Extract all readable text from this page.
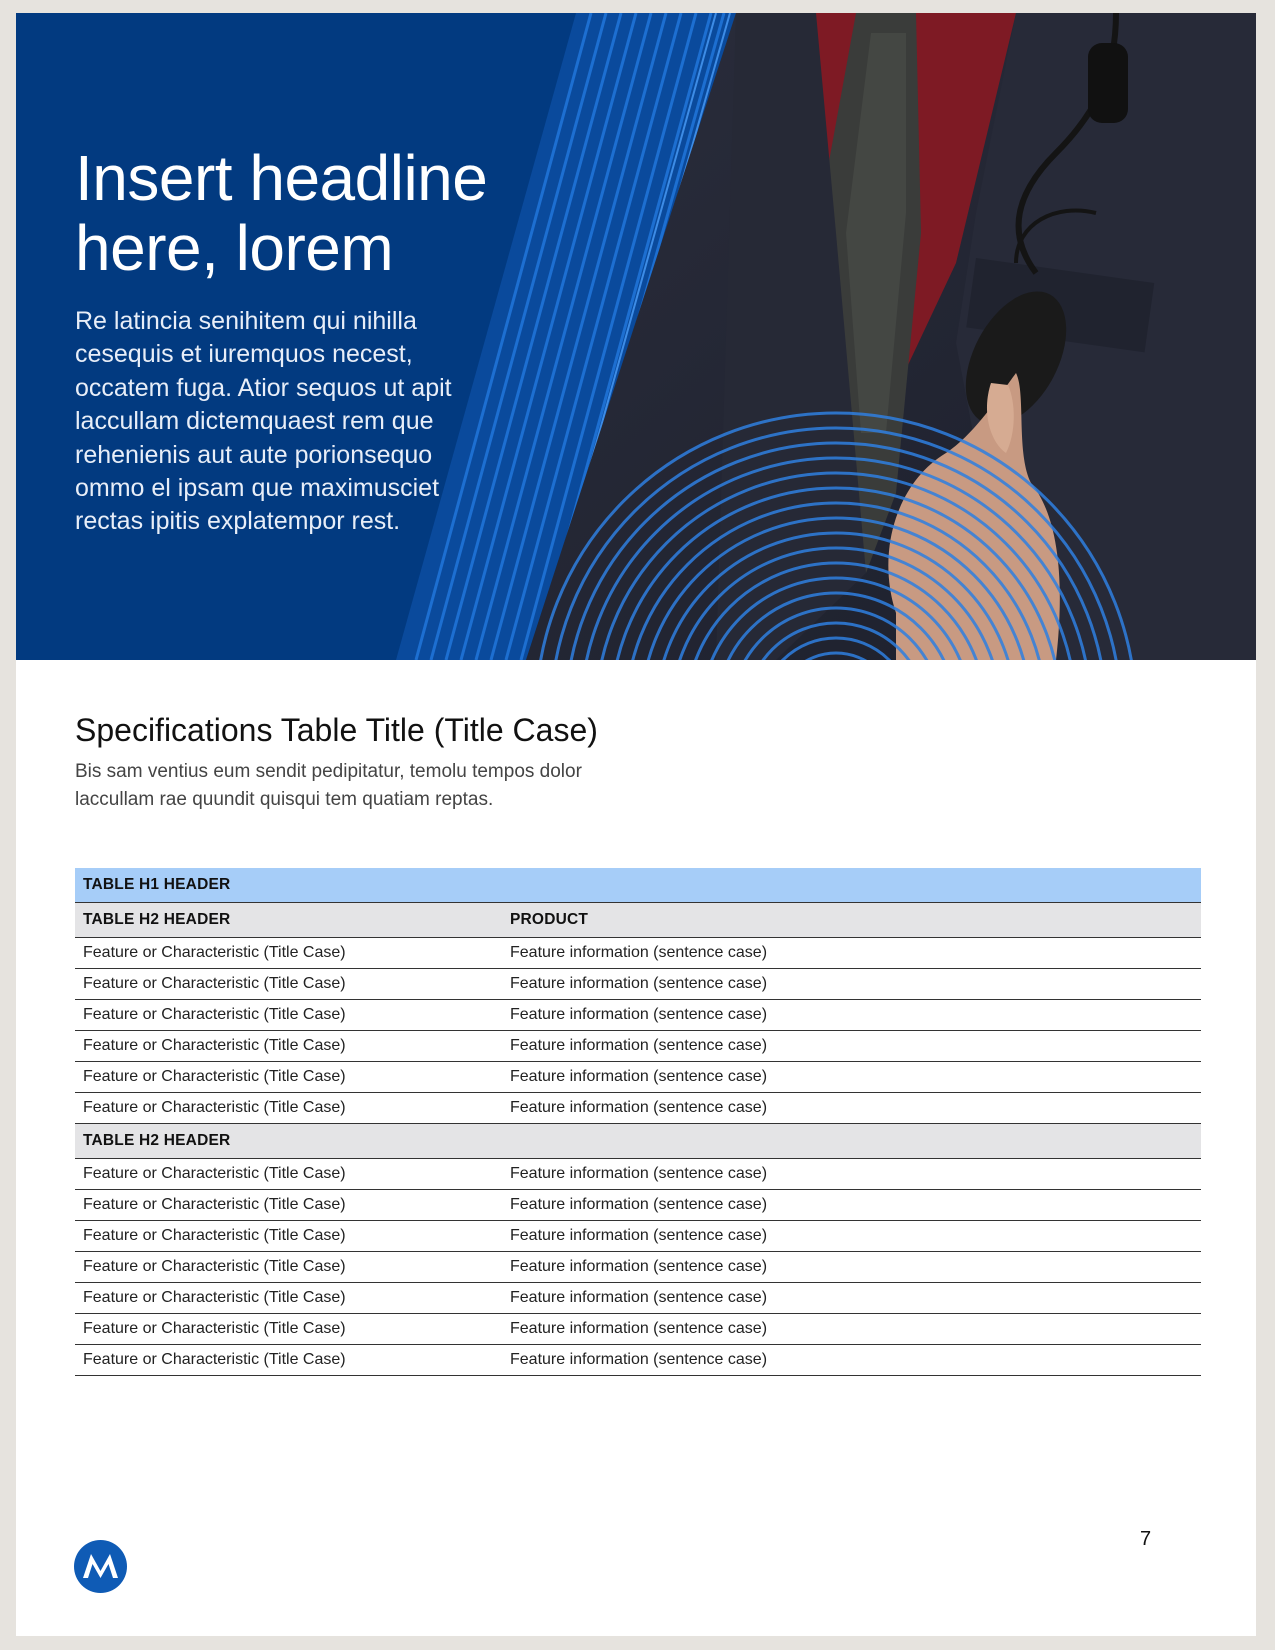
Insert headline
here, lorem
Re latincia senihitem qui nihilla cesequis et iuremquos necest, occatem fuga. Atior sequos ut apit laccullam dictemquaest rem que rehenienis aut aute porionsequo ommo el ipsam que maximusciet rectas ipitis explatempor rest.
Specifications Table Title (Title Case)
Bis sam ventius eum sendit pedipitatur, temolu tempos dolor laccullam rae quundit quisqui tem quatiam reptas.
TABLE H1 HEADER
TABLE H2 HEADER	PRODUCT
Feature or Characteristic (Title Case)	Feature information (sentence case)
Feature or Characteristic (Title Case)	Feature information (sentence case)
Feature or Characteristic (Title Case)	Feature information (sentence case)
Feature or Characteristic (Title Case)	Feature information (sentence case)
Feature or Characteristic (Title Case)	Feature information (sentence case)
Feature or Characteristic (Title Case)	Feature information (sentence case)
TABLE H2 HEADER
Feature or Characteristic (Title Case)	Feature information (sentence case)
Feature or Characteristic (Title Case)	Feature information (sentence case)
Feature or Characteristic (Title Case)	Feature information (sentence case)
Feature or Characteristic (Title Case)	Feature information (sentence case)
Feature or Characteristic (Title Case)	Feature information (sentence case)
Feature or Characteristic (Title Case)	Feature information (sentence case)
Feature or Characteristic (Title Case)	Feature information (sentence case)
7
